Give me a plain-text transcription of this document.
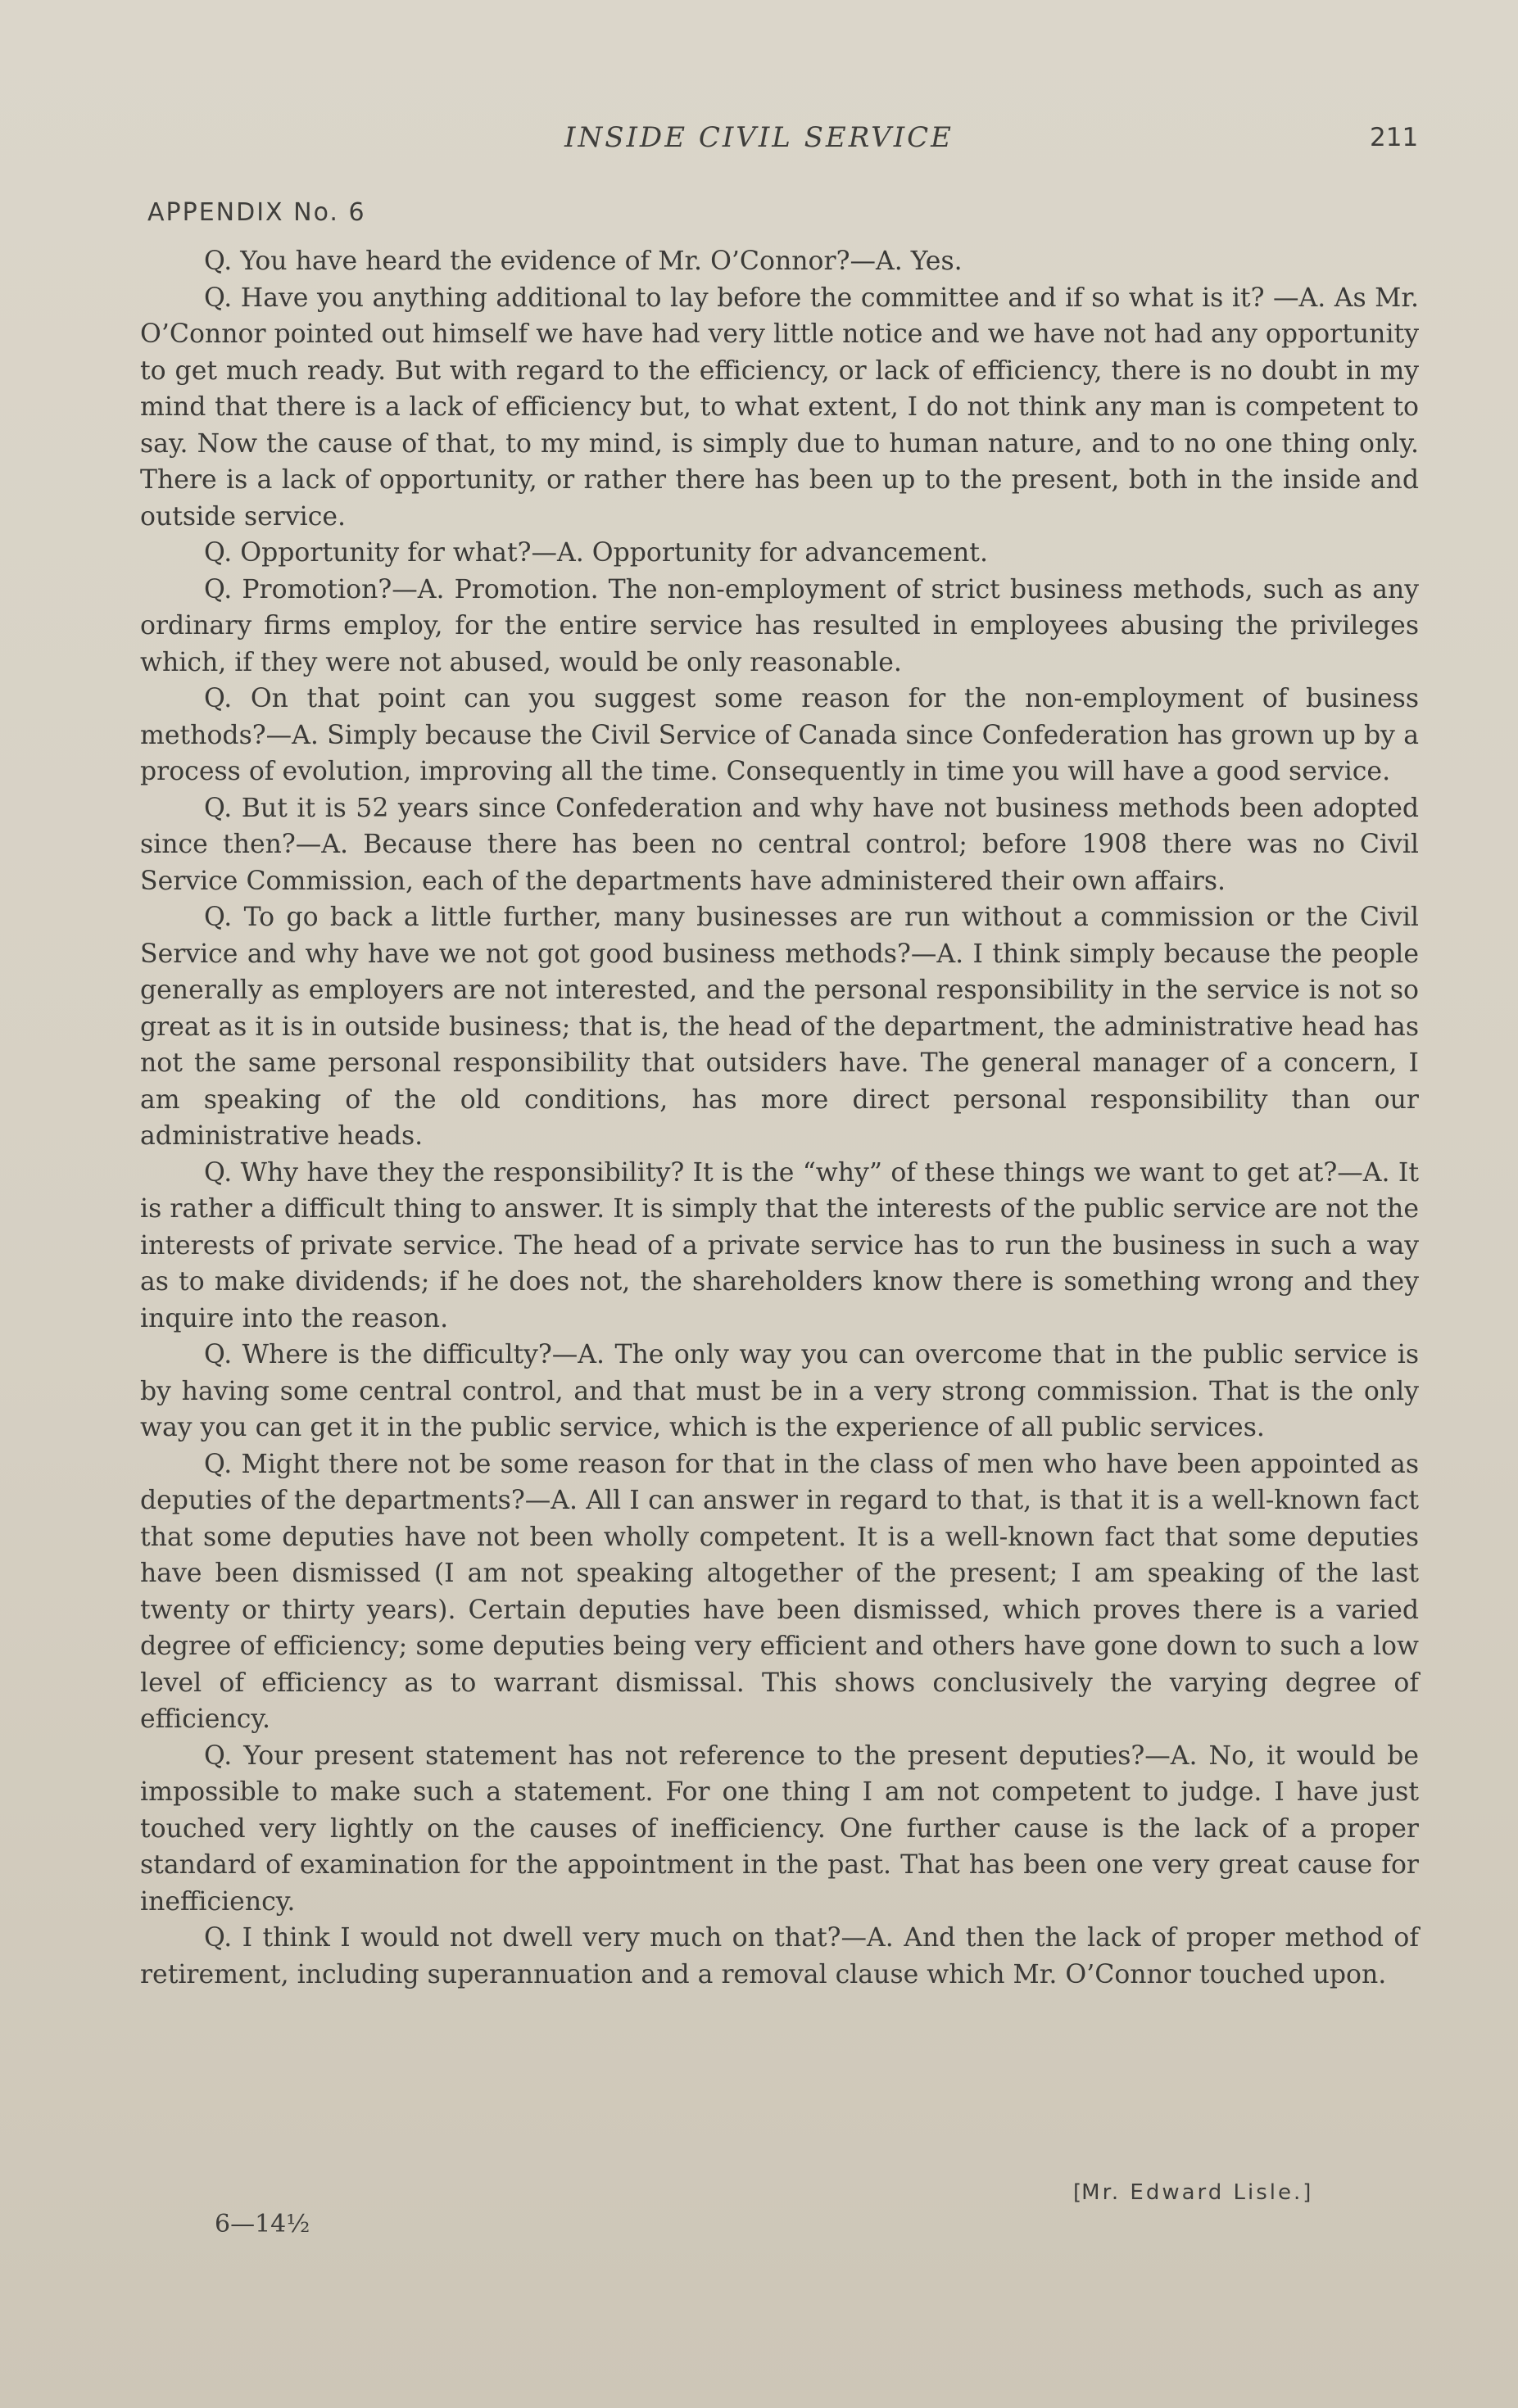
INSIDE CIVIL SERVICE	211
APPENDIX No. 6

Q. You have heard the evidence of Mr. O’Connor?—A. Yes.

Q. Have you anything additional to lay before the committee and if so what is it? —A. As Mr. O’Connor pointed out himself we have had very little notice and we have not had any opportunity to get much ready. But with regard to the efficiency, or lack of efficiency, there is no doubt in my mind that there is a lack of efficiency but, to what extent, I do not think any man is competent to say. Now the cause of that, to my mind, is simply due to human nature, and to no one thing only. There is a lack of opportunity, or rather there has been up to the present, both in the inside and outside service.

Q. Opportunity for what?—A. Opportunity for advancement.

Q. Promotion?—A. Promotion. The non-employment of strict business methods, such as any ordinary firms employ, for the entire service has resulted in employees abusing the privileges which, if they were not abused, would be only reasonable.

Q. On that point can you suggest some reason for the non-employment of business methods?—A. Simply because the Civil Service of Canada since Confederation has grown up by a process of evolution, improving all the time. Consequently in time you will have a good service.

Q. But it is 52 years since Confederation and why have not business methods been adopted since then?—A. Because there has been no central control; before 1908 there was no Civil Service Commission, each of the departments have administered their own affairs.

Q. To go back a little further, many businesses are run without a commission or the Civil Service and why have we not got good business methods?—A. I think simply because the people generally as employers are not interested, and the personal responsibility in the service is not so great as it is in outside business; that is, the head of the department, the administrative head has not the same personal responsibility that outsiders have. The general manager of a concern, I am speaking of the old conditions, has more direct personal responsibility than our administrative heads.

Q. Why have they the responsibility? It is the “why” of these things we want to get at?—A. It is rather a difficult thing to answer. It is simply that the interests of the public service are not the interests of private service. The head of a private service has to run the business in such a way as to make dividends; if he does not, the shareholders know there is something wrong and they inquire into the reason.

Q. Where is the difficulty?—A. The only way you can overcome that in the public service is by having some central control, and that must be in a very strong commission. That is the only way you can get it in the public service, which is the experience of all public services.

Q. Might there not be some reason for that in the class of men who have been appointed as deputies of the departments?—A. All I can answer in regard to that, is that it is a well-known fact that some deputies have not been wholly competent. It is a well-known fact that some deputies have been dismissed (I am not speaking altogether of the present; I am speaking of the last twenty or thirty years). Certain deputies have been dismissed, which proves there is a varied degree of efficiency; some deputies being very efficient and others have gone down to such a low level of efficiency as to warrant dismissal. This shows conclusively the varying degree of efficiency.

Q. Your present statement has not reference to the present deputies?—A. No, it would be impossible to make such a statement. For one thing I am not competent to judge. I have just touched very lightly on the causes of inefficiency. One further cause is the lack of a proper standard of examination for the appointment in the past. That has been one very great cause for inefficiency.

Q. I think I would not dwell very much on that?—A. And then the lack of proper method of retirement, including superannuation and a removal clause which Mr. O’Connor touched upon.

[Mr. Edward Lisle.]
6—14½
